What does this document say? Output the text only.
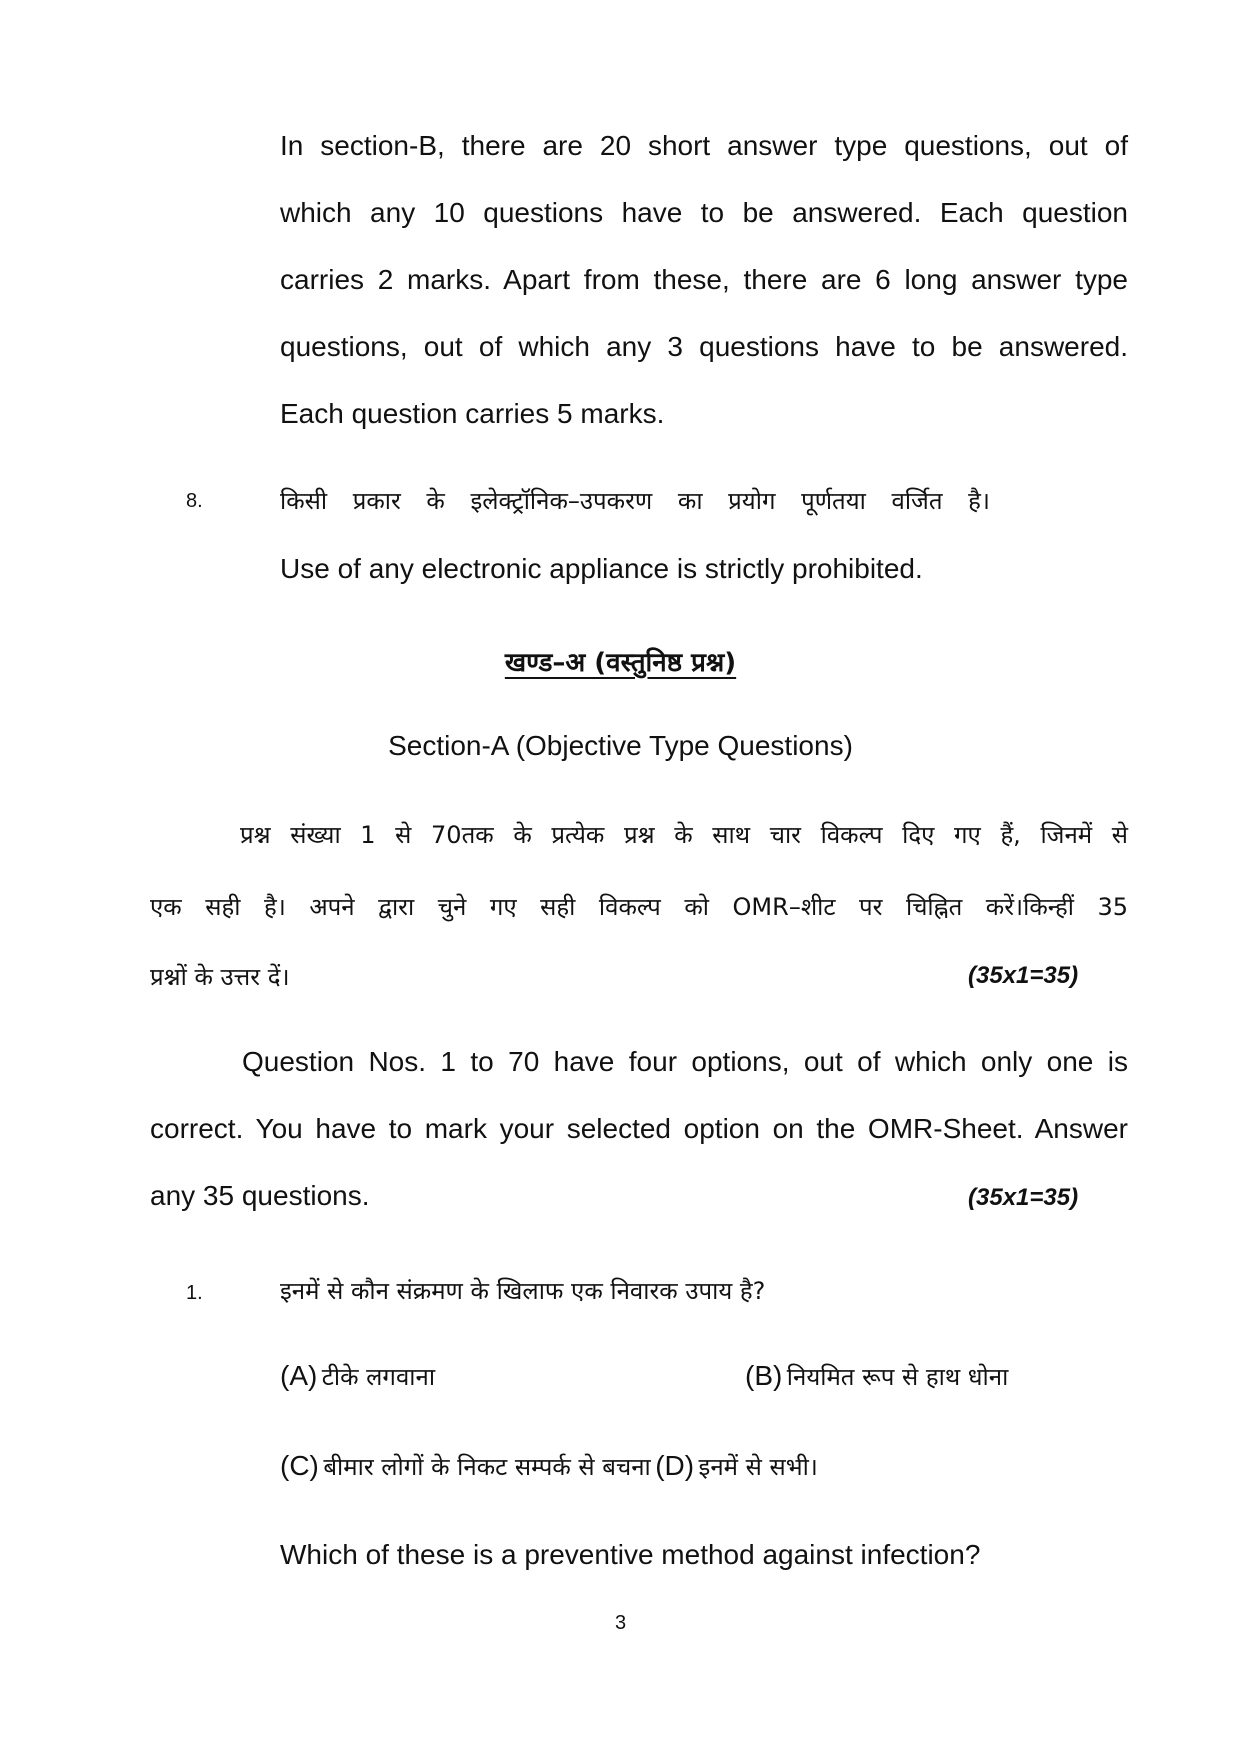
In section-B, there are 20 short answer type questions, out of
which any 10 questions have to be answered. Each question
carries 2 marks. Apart from these, there are 6 long answer type
questions, out of which any 3 questions have to be answered.
Each question carries 5 marks.
8.	किसी प्रकार के इलेक्ट्रॉनिक–उपकरण का प्रयोग पूर्णतया वर्जित है।
Use of any electronic appliance is strictly prohibited.
खण्ड–अ (वस्तुनिष्ठ प्रश्न)
Section-A (Objective Type Questions)
प्रश्न संख्या 1 से 70तक के प्रत्येक प्रश्न के साथ चार विकल्प दिए गए हैं, जिनमें से
एक सही है। अपने द्वारा चुने गए सही विकल्प को OMR–शीट पर चिह्नित करें।किन्हीं 35
प्रश्नों के उत्तर दें।	(35x1=35)
Question Nos. 1 to 70 have four options, out of which only one is
correct. You have to mark your selected option on the OMR-Sheet. Answer
any 35 questions.	(35x1=35)
1.	इनमें से कौन संक्रमण के खिलाफ एक निवारक उपाय है?
(A) टीके लगवाना	(B) नियमित रूप से हाथ धोना
(C) बीमार लोगों के निकट सम्पर्क से बचना (D) इनमें से सभी।
Which of these is a preventive method against infection?
3
